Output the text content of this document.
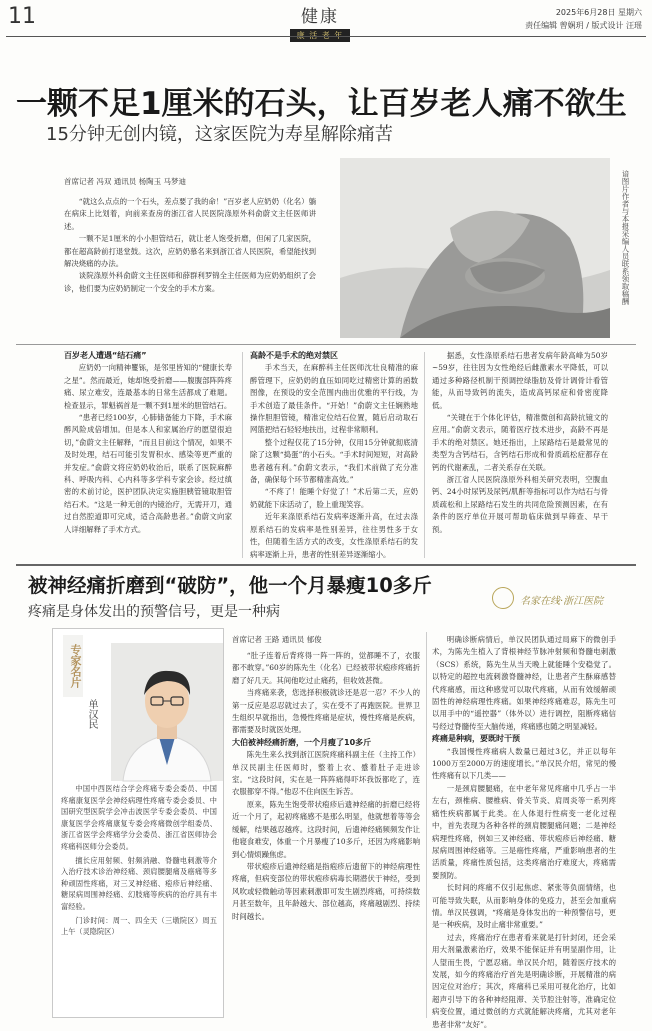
11	健康
康 活 老 年
2025年6月28日 星期六
责任编辑 曾娴玥 / 版式设计 汪瑶
一颗不足1厘米的石头，让百岁老人痛不欲生
15分钟无创内镜，这家医院为寿星解除痛苦
首席记者 冯双 通讯员 杨陶玉 马梦迪

“就这么点点的一个石头，差点要了我的命！”百岁老人应奶奶（化名）躺在病床上比划着，向前来查房的浙江省人民医院涤原外科俞蔚文主任医师讲述。

一颗不足1厘米的小小胆管结石，就让老人饱受折磨，但闲了几家医院，都在超高龄前打退堂鼓。这次，应奶奶慕名来到浙江省人民医院，希望能找到解决烧痛的办法。

谈院涤原外科俞蔚文主任医师和薛群利罗锦全主任医师为应奶奶组织了会诊，他们要为应奶奶制定一个安全的手术方案。	谙图片作者与本报采编人员联系领取稿酬

百岁老人遭遇“结石痛”

应奶奶一向精神矍铄，是邻里皆知的“健康长寿之星”。然而最近，她却饱受折磨——腹腹部阵阵疼痛、尿立难安，连最基本的日常生活都成了难题。检查显示，罪魁祸首是一颗不到1厘米的胆管结石。

“患者已经100岁，心肺储备能力下降，手术麻醉风险成倍增加。但是本人和家属治疗的愿望很迫切，”俞蔚文主任解释，“而且目前这个情况，如果不及时处理，结石可能引发胃积水、感染等更严重的并发症。”俞蔚文将应奶奶收治后，联系了医院麻醉科、呼吸内科、心内科等多学科专家会诊。经过缜密的术前讨论，医护团队决定实施胆胰管镜取胆管结石术。“这是一种无创的内镜治疗，无需开刀，通过自然腔道即可完成，适合高龄患者。”俞蔚文向家人详细解释了手术方式。

高龄不是手术的绝对禁区

手术当天，在麻醉科主任医师沈壮良精准的麻醉管理下，应奶奶的血压如同吃过精密计算的函数图像，在预设的安全范围内曲出优雅的平行线，为手术创造了最佳条件。“开始！”俞蔚文主任娴熟地操作胆胆管镜，精准定位结石位置，随后启动取石网篮把结石轻轻地扶出，过程非常顺利。

整个过程仅花了15分钟，仅用15分钟就彻底清除了这颗“捣蛋”的小石头。“手术时间短短，对高龄患者越有利。”俞蔚文表示，“我们术前做了充分准备，确保每个环节都精准高效。”

“不疼了！能睡个好觉了！”术后第二天，应奶奶就能下床活动了，脸上重现笑容。

近年来涤原系结石发病率逐渐升高，在过去涤原系结石的发病率是性别差异，往往男性多于女性，但随着生活方式的改变，女性涤原系结石的发病率逐渐上升，患者的性别差异逐渐缩小。

据悉，女性涤原系结石患者发病年龄高峰为50岁~59岁，往往因为女性绝经后雌激素水平降低，可以通过多种路径机制干预调控绿脂肪及骨计调骨计看管能，从而导致钙的流失，造成高钙尿症和骨密度降低。

“关键在于个体化评估，精准微创和高龄抗镜文的应用。”俞蔚文表示，随着医疗技术进步，高龄不再是手术的绝对禁区。她还指出，上尿路结石是最常见的类型为含钙结石，含钙结石形成和骨质疏松症都存在钙的代谢紊乱，二者关系存在关联。

浙江省人民医院涤原外科相关研究表明，空腹血钙、24小时尿钙及尿钙/肌酐等指标可以作为结石与骨质疏松和上尿路结石发生的共同危险预测因素，在有条件的医疗单位开展可帮助临床做到早筛查、早干预。

被神经痛折磨到“破防”，他一个月暴瘦10多斤
疼痛是身体发出的预警信号，更是一种病
名家在线·浙江医院
专家名片
单汉民

中国中西医结合学会疼痛专委会委员、中国疼痛康复医学会神经病理性疼痛专委会委员、中国研究型医院学会冲击波医学专委会委员、中国康复医学会疼痛康复专委会疼痛微创学组委员、浙江省医学会疼痛学分会委员、浙江省医师协会疼痛科医师分会委员。

擅长应用射频、射频消融、脊髓电刺激等介入治疗技术诊治神经痛、颈肩腰腿痛及癌痛等多种顽固性疼痛，对三叉神经痛、疱疹后神经痛、糖尿病周围神经痛、幻肢痛等疾病的治疗具有丰富经验。

门诊时间：周一、四全天（三墩院区）周五上午（灵隐院区）

首席记者 王路 通讯员 郁俊

“肚子连着后背疼得一阵一阵的，觉都睡不了，衣服都不敢穿。”60岁的陈先生（化名）已经被带状疱疹疼痛折磨了好几天。其间他吃过止痛药，但收效甚微。

当疼痛来袭，您选择积极就诊还是忍一忍？不少人的第一反应是忍忍就过去了，实在受不了再跑医院。世界卫生组织早就指出，急慢性疼痛是症状，慢性疼痛是疾病，都需要及时就医处理。

大伯被神经痛折磨，一个月瘦了10多斤

陈先生来么找到浙江医院疼痛科副主任（主持工作）单汉民副主任医师时，整着上衣、蹙着肚子走进诊室。“这段时间，实在是一阵阵痛得吓坏我饭都吃了，连衣服都穿不得。”他忍不住向医生诉苦。

原来，陈先生饱受带状疱疹后遗神经痛的折磨已经将近一个月了，起初疼痛感不是那么明显，他就想着等等会缓解，结果越忍越疼。这段时间，后遗神经痛频频发作让他寝食难安，体重一个月暴瘦了10多斤，还因为疼痛影响到心情烦躁焦虑。

带状疱疹后遗神经痛是指疱疹后遗留下的神经病理性疼痛，但病变部位的带状疱疹病毒长期潜伏于神经，受到风吹或轻微触动等因素刺激即可发生剧烈疼痛，可持续数月甚至数年，且年龄越大、部位越高，疼痛越剧烈、持续时间越长。

明确诊断病情后，单汉民团队通过局麻下的微创手术，为陈先生植入了背根神经节脉冲射频和脊髓电刺激（SCS）系统，陈先生从当天晚上就能睡个安稳觉了。以特定的超控电流刺激脊髓神经，让患者产生酥麻感替代疼痛感，而这种感觉可以取代疼痛，从而有效缓解顽固性的神经病理性疼痛。如果神经疼痛难忍，陈先生可以用手中的“遥控器”（体外以）进行调控，阻断疼痛信号经过脊髓传至大脑传递，疼痛感也随之明显减轻。

疼痛是种病，要既时干预

“我国慢性疼痛病人数量已超过3亿，并正以每年1000万至2000万的速度增长。”单汉民介绍，常见的慢性疼痛有以下几类——

一是颈肩腰腿痛，在中老年常见疼痛中几乎占一半左右，颈椎病、腰椎病、骨关节炎、肩周炎等一系列疼痛性疾病都属于此类。在人体退行性病变一老化过程中，首先表现为各种各样的颈肩腰腿痛问题；二是神经病理性疼痛，例如三叉神经痛、带状疱疹后神经痛、糖尿病周围神经痛等。三是癌性疼痛，严重影响患者的生活质量，疼痛性质包括，这类疼痛治疗难度大，疼痛需要预防。

长时间的疼痛不仅引起焦虑、紧张等负面情绪，也可能导致失眠，从而影响身体的免疫力，甚至会加重病情。单汉民强调，“疼痛是身体发出的一种预警信号，更是一种疾病，及时止痛非常重要。”

过去，疼痛治疗在患者看来就是打针封闭，还会采用大剂量激素治疗，效果不能保证并有明显副作用，让人望而生畏，宁愿忍痛。单汉民介绍，随着医疗技术的发展，如今的疼痛治疗首先是明确诊断，开展精准的病因定位对治疗；其次，疼痛科已采用可视化治疗，比如超声引导下的各种神经阻滞、关节腔注射等，准确定位病变位置，通过微创的方式就能解决疼痛，尤其对老年患者非常“友好”。
